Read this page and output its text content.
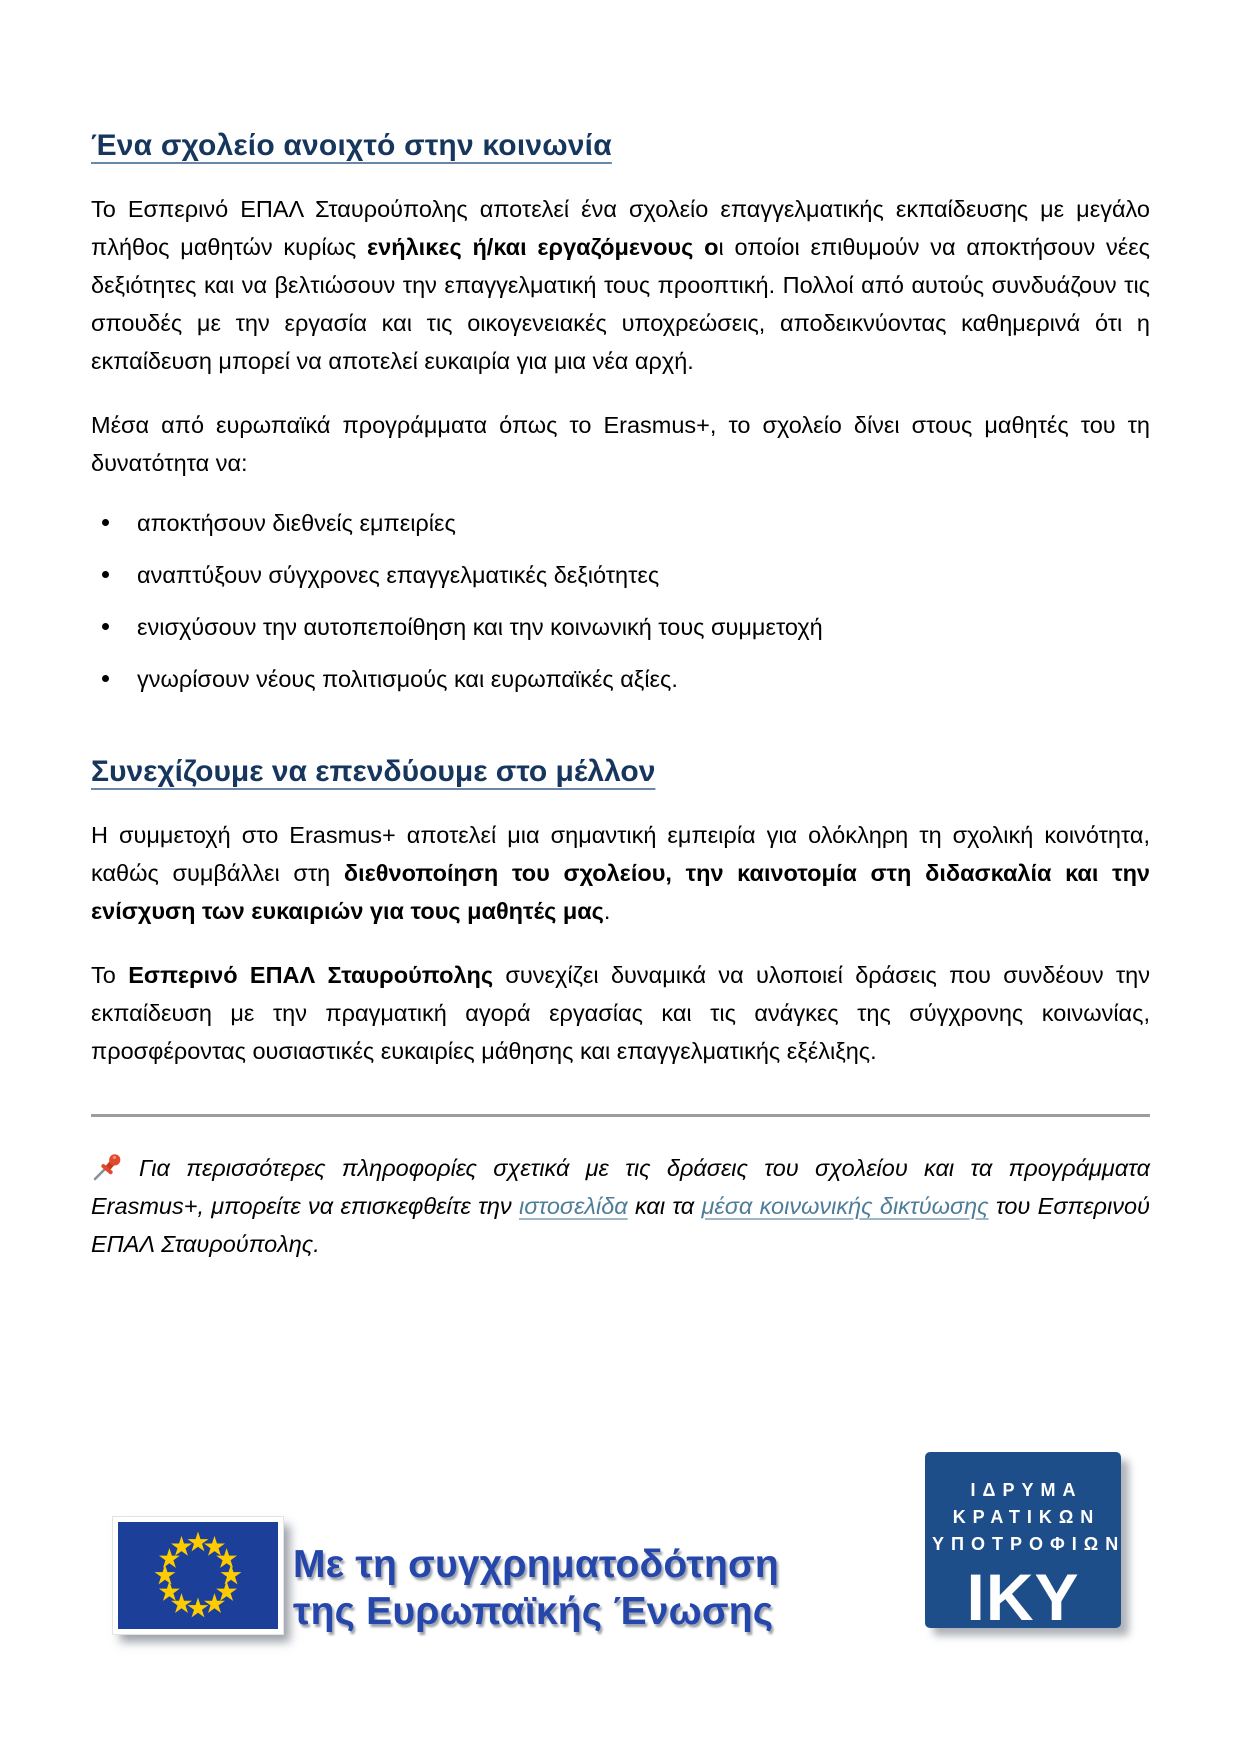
Ένα σχολείο ανοιχτό στην κοινωνία

Το Εσπερινό ΕΠΑΛ Σταυρούπολης αποτελεί ένα σχολείο επαγγελματικής εκπαίδευσης με μεγάλο πλήθος μαθητών κυρίως ενήλικες ή/και εργαζόμενους οι οποίοι επιθυμούν να αποκτήσουν νέες δεξιότητες και να βελτιώσουν την επαγγελματική τους προοπτική. Πολλοί από αυτούς συνδυάζουν τις σπουδές με την εργασία και τις οικογενειακές υποχρεώσεις, αποδεικνύοντας καθημερινά ότι η εκπαίδευση μπορεί να αποτελεί ευκαιρία για μια νέα αρχή.

Μέσα από ευρωπαϊκά προγράμματα όπως το Erasmus+, το σχολείο δίνει στους μαθητές του τη δυνατότητα να:

αποκτήσουν διεθνείς εμπειρίες
αναπτύξουν σύγχρονες επαγγελματικές δεξιότητες
ενισχύσουν την αυτοπεποίθηση και την κοινωνική τους συμμετοχή
γνωρίσουν νέους πολιτισμούς και ευρωπαϊκές αξίες.
Συνεχίζουμε να επενδύουμε στο μέλλον

Η συμμετοχή στο Erasmus+ αποτελεί μια σημαντική εμπειρία για ολόκληρη τη σχολική κοινότητα, καθώς συμβάλλει στη διεθνοποίηση του σχολείου, την καινοτομία στη διδασκαλία και την ενίσχυση των ευκαιριών για τους μαθητές μας.

Το Εσπερινό ΕΠΑΛ Σταυρούπολης συνεχίζει δυναμικά να υλοποιεί δράσεις που συνδέουν την εκπαίδευση με την πραγματική αγορά εργασίας και τις ανάγκες της σύγχρονης κοινωνίας, προσφέροντας ουσιαστικές ευκαιρίες μάθησης και επαγγελματικής εξέλιξης.

Για περισσότερες πληροφορίες σχετικά με τις δράσεις του σχολείου και τα προγράμματα Erasmus+, μπορείτε να επισκεφθείτε την ιστοσελίδα και τα μέσα κοινωνικής δικτύωσης του Εσπερινού ΕΠΑΛ Σταυρούπολης.

Με τη συγχρηματοδότηση
της Ευρωπαϊκής Ένωσης
ΙΔΡΥΜΑ
ΚΡΑΤΙΚΩΝ
ΥΠΟΤΡΟΦΙΩΝ
IKY
